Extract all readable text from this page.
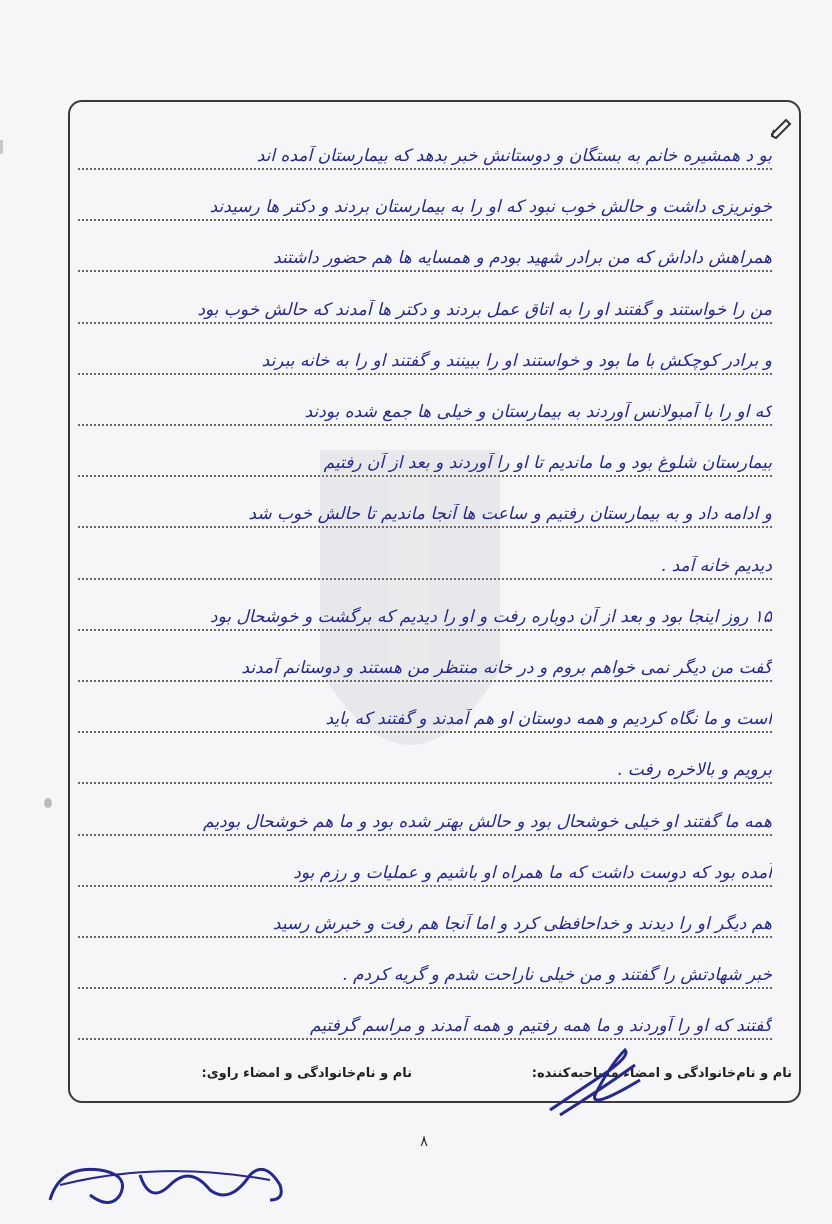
بو د همشیره خانم به بستگان و دوستانش خبر بدهد که بیمارستان آمده اند
خونریزی داشت و حالش خوب نبود که او را به بیمارستان بردند و دکتر ها رسیدند
همراهش داداش که من برادر شهید بودم و همسایه ها هم حضور داشتند
من را خواستند و گفتند او را به اتاق عمل بردند و دکتر ها آمدند که حالش خوب بود
و برادر کوچکش با ما بود و خواستند او را ببینند و گفتند او را به خانه ببرند
که او را با آمبولانس آوردند به بیمارستان و خیلی ها جمع شده بودند
بیمارستان شلوغ بود و ما ماندیم تا او را آوردند و بعد از آن رفتیم
و ادامه داد و به بیمارستان رفتیم و ساعت ها آنجا ماندیم تا حالش خوب شد
دیدیم خانه آمد .
۱۵ روز اینجا بود و بعد از آن دوباره رفت و او را دیدیم که برگشت و خوشحال بود
گفت من دیگر نمی خواهم بروم و در خانه منتظر من هستند و دوستانم آمدند
است و ما نگاه کردیم و همه دوستان او هم آمدند و گفتند که باید
برویم و بالاخره رفت .
همه ما گفتند او خیلی خوشحال بود و حالش بهتر شده بود و ما هم خوشحال بودیم
آمده بود که دوست داشت که ما همراه او باشیم و عملیات و رزم بود
هم دیگر او را دیدند و خداحافظی کرد و اما آنجا هم رفت و خبرش رسید
خبر شهادتش را گفتند و من خیلی ناراحت شدم و گریه کردم .
گفتند که او را آوردند و ما همه رفتیم و همه آمدند و مراسم گرفتیم
نام و نام‌خانوادگی و امضاء مصاحبه‌کننده:
نام و نام‌خانوادگی و امضاء راوی:
۸
